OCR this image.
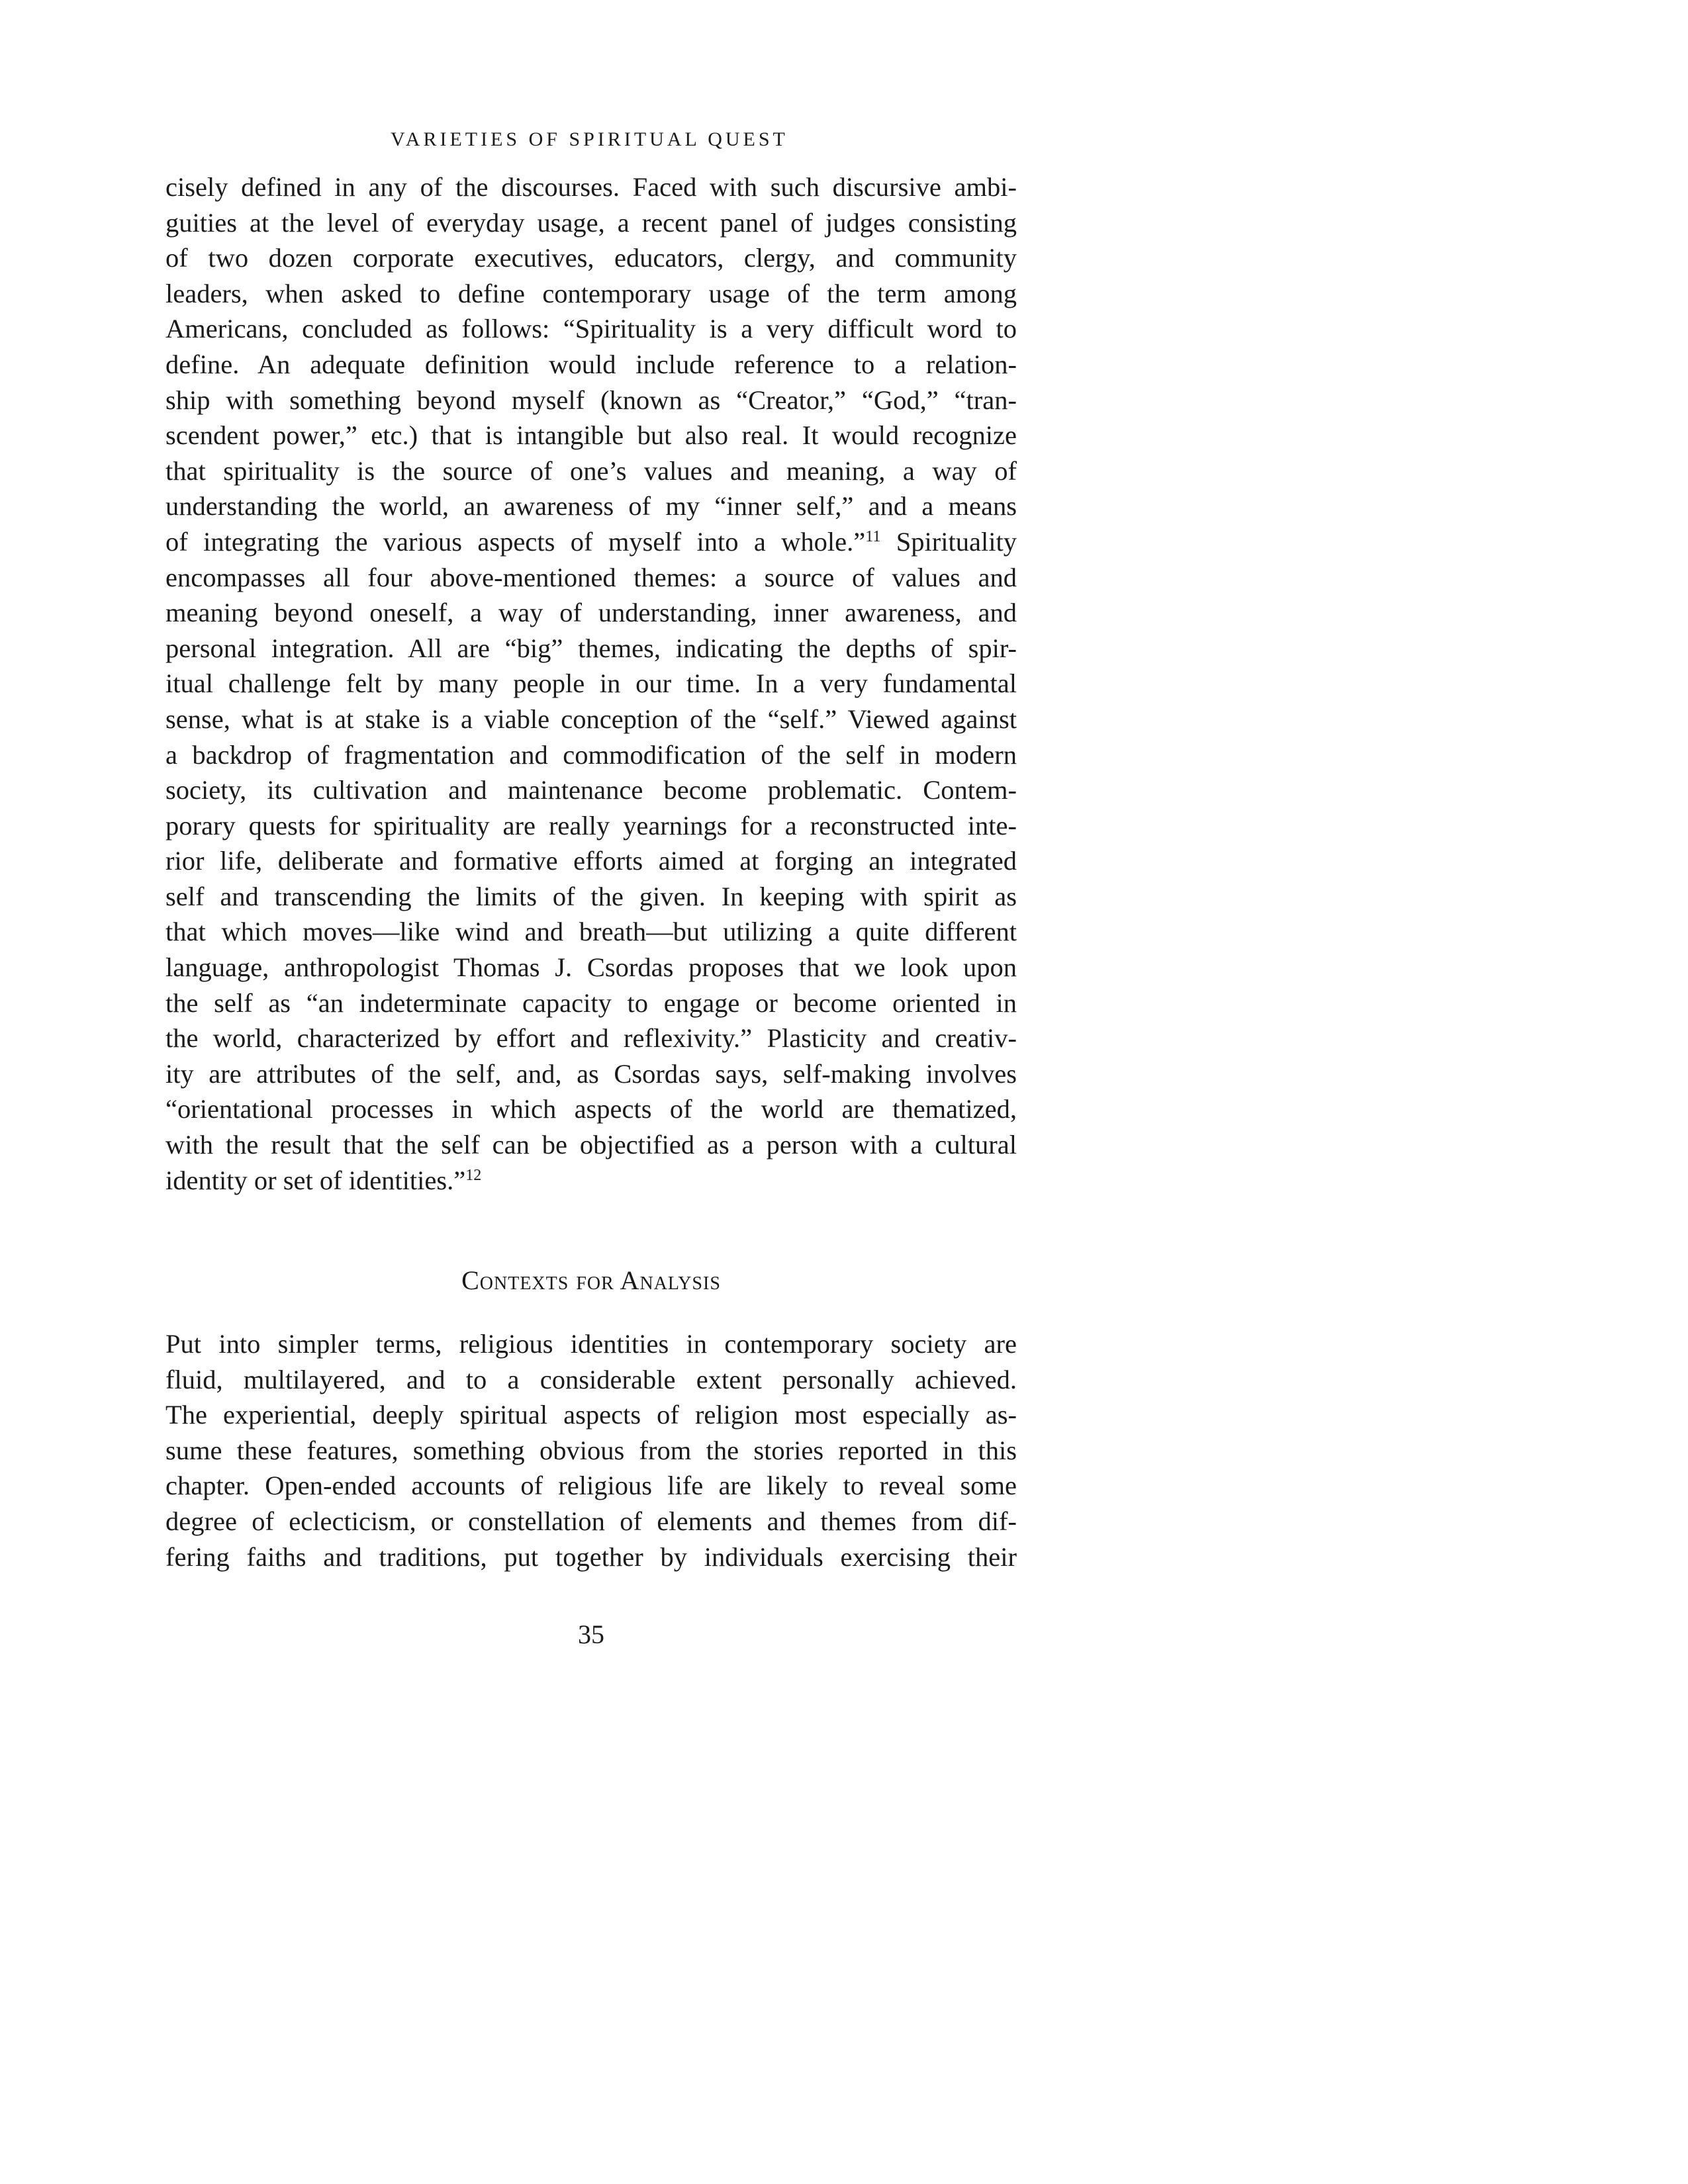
VARIETIES OF SPIRITUAL QUEST
cisely defined in any of the discourses. Faced with such discursive ambi-
guities at the level of everyday usage, a recent panel of judges consisting
of two dozen corporate executives, educators, clergy, and community
leaders, when asked to define contemporary usage of the term among
Americans, concluded as follows: “Spirituality is a very difficult word to
define. An adequate definition would include reference to a relation-
ship with something beyond myself (known as “Creator,” “God,” “tran-
scendent power,” etc.) that is intangible but also real. It would recognize
that spirituality is the source of one’s values and meaning, a way of
understanding the world, an awareness of my “inner self,” and a means
of integrating the various aspects of myself into a whole.”$^{11}$ Spirituality
encompasses all four above-mentioned themes: a source of values and
meaning beyond oneself, a way of understanding, inner awareness, and
personal integration. All are “big” themes, indicating the depths of spir-
itual challenge felt by many people in our time. In a very fundamental
sense, what is at stake is a viable conception of the “self.” Viewed against
a backdrop of fragmentation and commodification of the self in modern
society, its cultivation and maintenance become problematic. Contem-
porary quests for spirituality are really yearnings for a reconstructed inte-
rior life, deliberate and formative efforts aimed at forging an integrated
self and transcending the limits of the given. In keeping with spirit as
that which moves—like wind and breath—but utilizing a quite different
language, anthropologist Thomas J. Csordas proposes that we look upon
the self as “an indeterminate capacity to engage or become oriented in
the world, characterized by effort and reflexivity.” Plasticity and creativ-
ity are attributes of the self, and, as Csordas says, self-making involves
“orientational processes in which aspects of the world are thematized,
with the result that the self can be objectified as a person with a cultural
identity or set of identities.”$^{12}$
Contexts for Analysis
Put into simpler terms, religious identities in contemporary society are
fluid, multilayered, and to a considerable extent personally achieved.
The experiential, deeply spiritual aspects of religion most especially as-
sume these features, something obvious from the stories reported in this
chapter. Open-ended accounts of religious life are likely to reveal some
degree of eclecticism, or constellation of elements and themes from dif-
fering faiths and traditions, put together by individuals exercising their
35
